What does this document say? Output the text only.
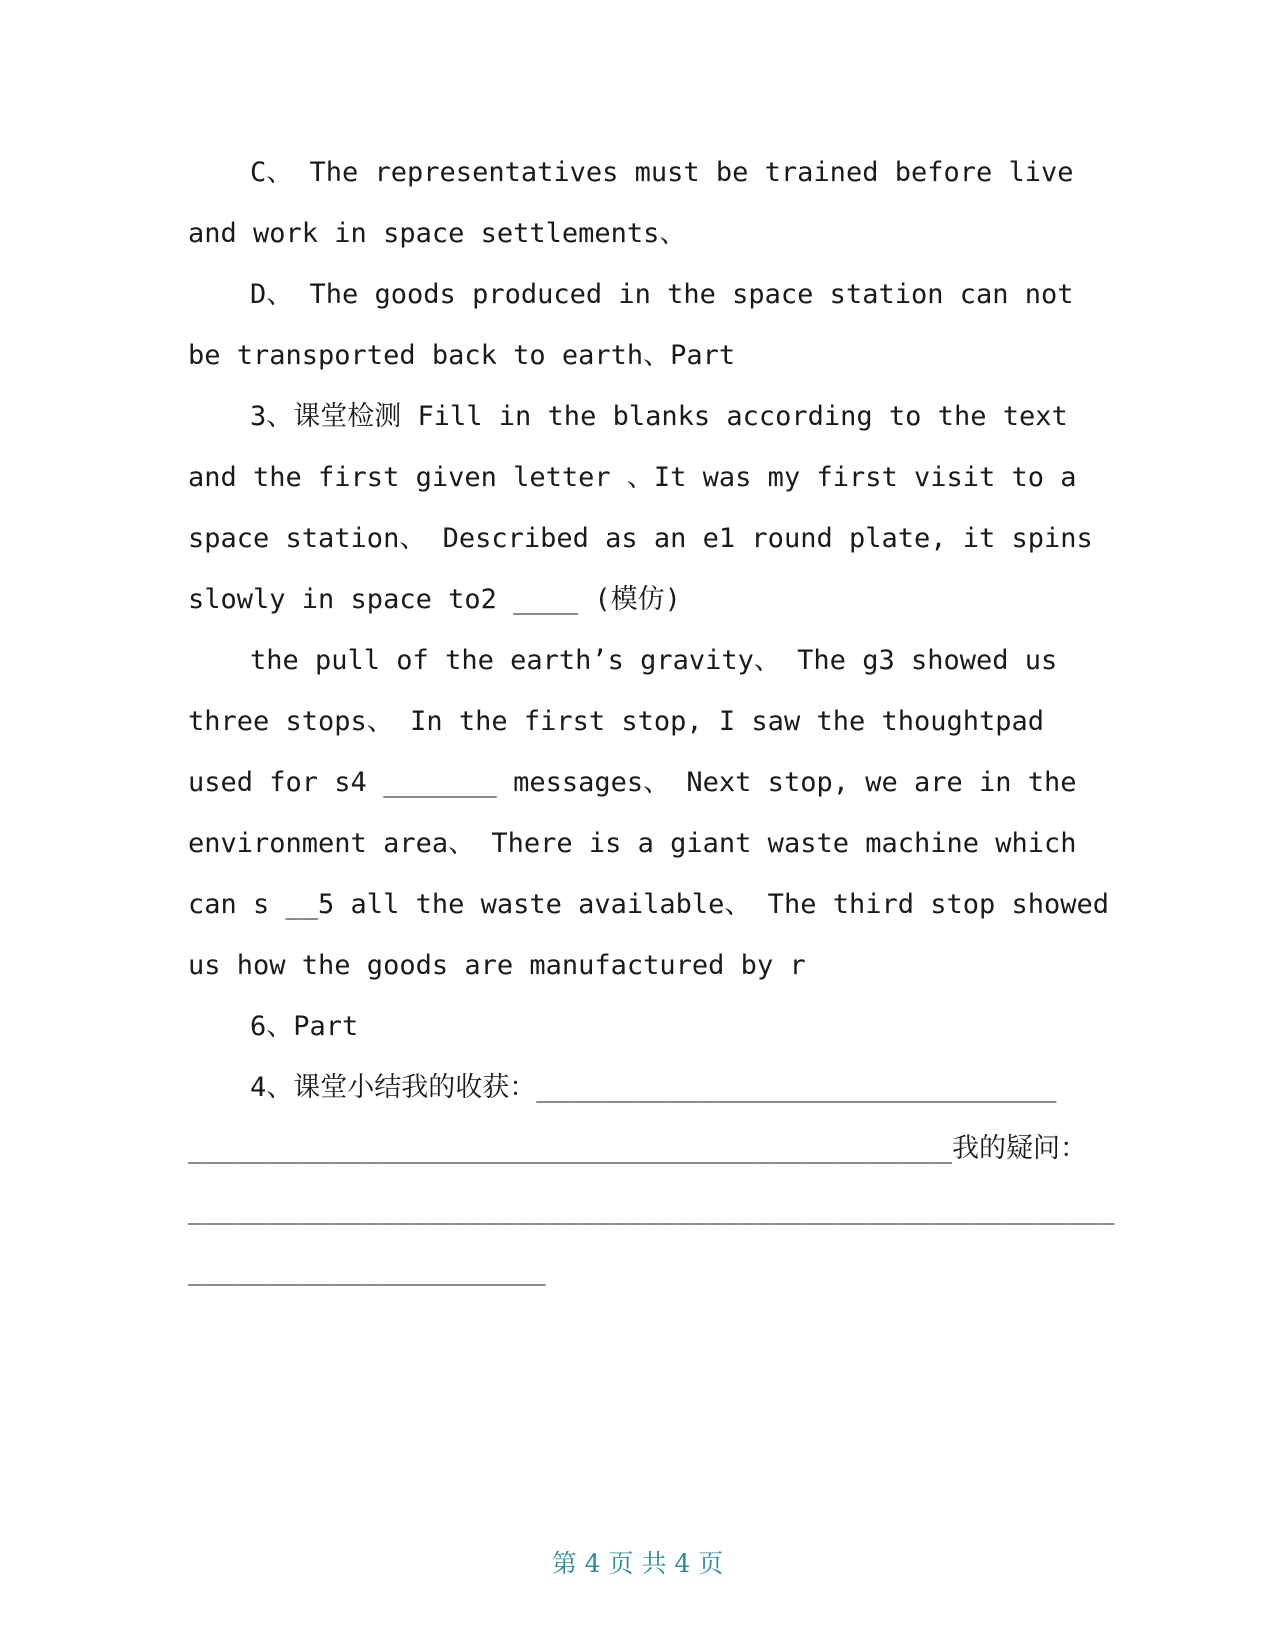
C、 The representatives must be trained before live
and work in space settlements、
D、 The goods produced in the space station can not
be transported back to earth、Part
3、课堂检测 Fill in the blanks according to the text
and the first given letter 、It was my first visit to a
space station、 Described as an e1 round plate, it spins
slowly in space to2 ____ (模仿)
the pull of the earth’s gravity、 The g3 showed us
three stops、 In the first stop, I saw the thoughtpad
used for s4 _______ messages、 Next stop, we are in the
environment area、 There is a giant waste machine which
can s __5 all the waste available、 The third stop showed
us how the goods are manufactured by r
6、Part
4、课堂小结我的收获：________________________________
_______________________________________________我的疑问：
_________________________________________________________
______________________
第 4 页 共 4 页
